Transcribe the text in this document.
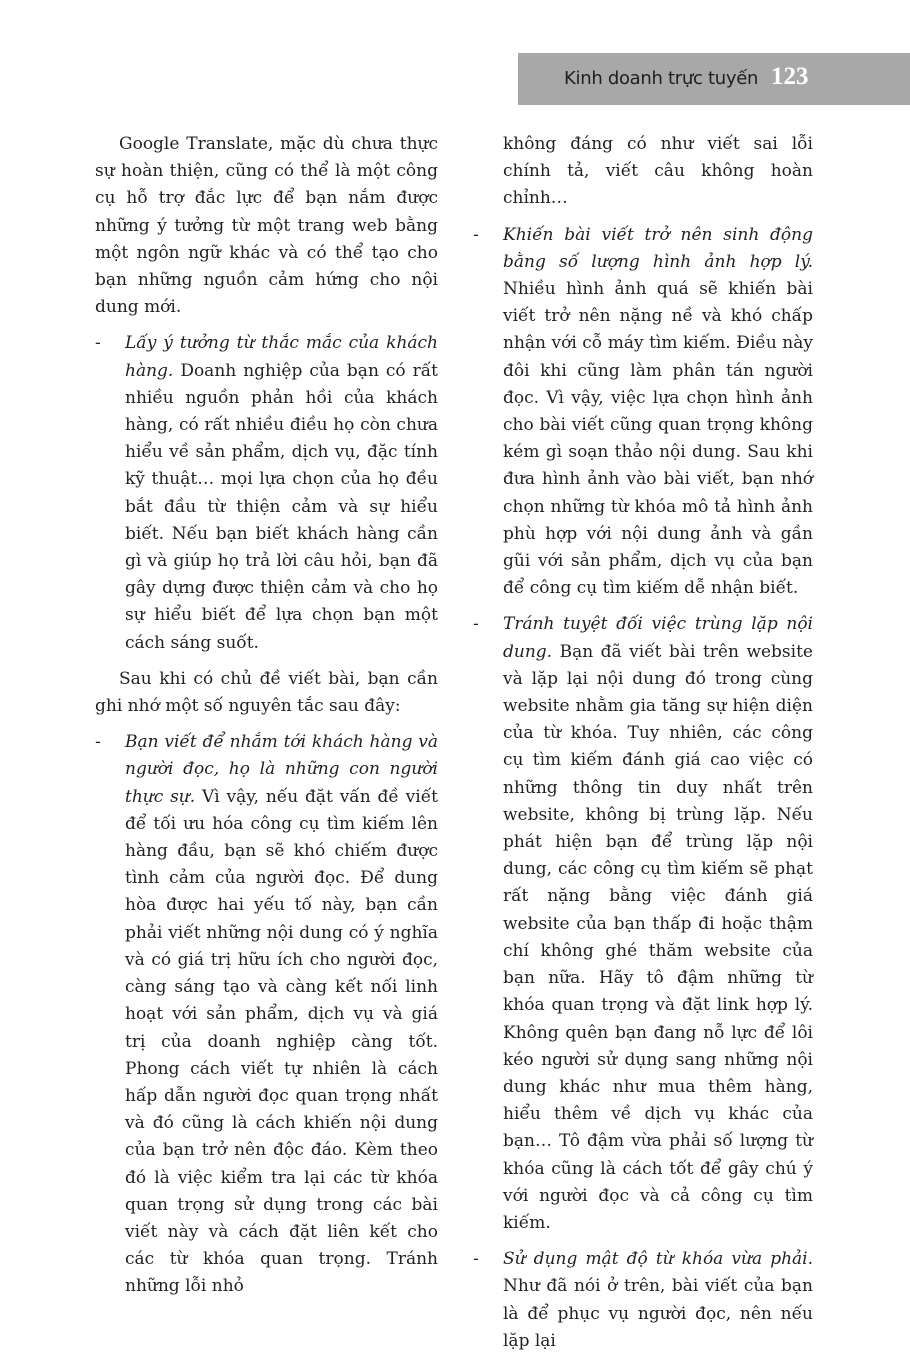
Kinh doanh trực tuyến 123

Google Translate, mặc dù chưa thực sự hoàn thiện, cũng có thể là một công cụ hỗ trợ đắc lực để bạn nắm được những ý tưởng từ một trang web bằng một ngôn ngữ khác và có thể tạo cho bạn những nguồn cảm hứng cho nội dung mới.

- Lấy ý tưởng từ thắc mắc của khách hàng. Doanh nghiệp của bạn có rất nhiều nguồn phản hồi của khách hàng, có rất nhiều điều họ còn chưa hiểu về sản phẩm, dịch vụ, đặc tính kỹ thuật… mọi lựa chọn của họ đều bắt đầu từ thiện cảm và sự hiểu biết. Nếu bạn biết khách hàng cần gì và giúp họ trả lời câu hỏi, bạn đã gây dựng được thiện cảm và cho họ sự hiểu biết để lựa chọn bạn một cách sáng suốt.

Sau khi có chủ đề viết bài, bạn cần ghi nhớ một số nguyên tắc sau đây:

- Bạn viết để nhắm tới khách hàng và người đọc, họ là những con người thực sự. Vì vậy, nếu đặt vấn đề viết để tối ưu hóa công cụ tìm kiếm lên hàng đầu, bạn sẽ khó chiếm được tình cảm của người đọc. Để dung hòa được hai yếu tố này, bạn cần phải viết những nội dung có ý nghĩa và có giá trị hữu ích cho người đọc, càng sáng tạo và càng kết nối linh hoạt với sản phẩm, dịch vụ và giá trị của doanh nghiệp càng tốt. Phong cách viết tự nhiên là cách hấp dẫn người đọc quan trọng nhất và đó cũng là cách khiến nội dung của bạn trở nên độc đáo. Kèm theo đó là việc kiểm tra lại các từ khóa quan trọng sử dụng trong các bài viết này và cách đặt liên kết cho các từ khóa quan trọng. Tránh những lỗi nhỏ

không đáng có như viết sai lỗi chính tả, viết câu không hoàn chỉnh…

- Khiến bài viết trở nên sinh động bằng số lượng hình ảnh hợp lý. Nhiều hình ảnh quá sẽ khiến bài viết trở nên nặng nề và khó chấp nhận với cỗ máy tìm kiếm. Điều này đôi khi cũng làm phân tán người đọc. Vì vậy, việc lựa chọn hình ảnh cho bài viết cũng quan trọng không kém gì soạn thảo nội dung. Sau khi đưa hình ảnh vào bài viết, bạn nhớ chọn những từ khóa mô tả hình ảnh phù hợp với nội dung ảnh và gần gũi với sản phẩm, dịch vụ của bạn để công cụ tìm kiếm dễ nhận biết.
- Tránh tuyệt đối việc trùng lặp nội dung. Bạn đã viết bài trên website và lặp lại nội dung đó trong cùng website nhằm gia tăng sự hiện diện của từ khóa. Tuy nhiên, các công cụ tìm kiếm đánh giá cao việc có những thông tin duy nhất trên website, không bị trùng lặp. Nếu phát hiện bạn để trùng lặp nội dung, các công cụ tìm kiếm sẽ phạt rất nặng bằng việc đánh giá website của bạn thấp đi hoặc thậm chí không ghé thăm website của bạn nữa. Hãy tô đậm những từ khóa quan trọng và đặt link hợp lý. Không quên bạn đang nỗ lực để lôi kéo người sử dụng sang những nội dung khác như mua thêm hàng, hiểu thêm về dịch vụ khác của bạn… Tô đậm vừa phải số lượng từ khóa cũng là cách tốt để gây chú ý với người đọc và cả công cụ tìm kiếm.
- Sử dụng mật độ từ khóa vừa phải. Như đã nói ở trên, bài viết của bạn là để phục vụ người đọc, nên nếu lặp lại
